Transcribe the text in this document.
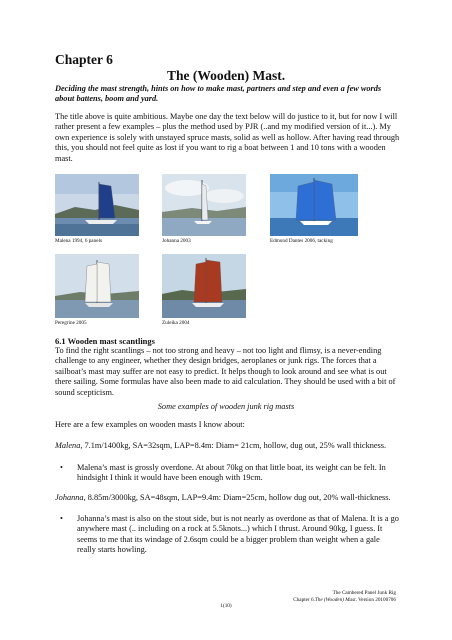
Chapter 6
The (Wooden) Mast.

Deciding the mast strength, hints on how to make mast, partners and step and even a few words about battens, boom and yard.

The title above is quite ambitious. Maybe one day the text below will do justice to it, but for now I will rather present a few examples – plus the method used by PJR (..and my modified version of it...). My own experience is solely with unstayed spruce masts, solid as well as hollow. After having read through this, you should not feel quite as lost if you want to rig a boat between 1 and 10 tons with a wooden mast.

Malena 1994, 6 panels	Johanna 2003	Edmond Dantes 2006, tacking
Peregrine 2005	Zuleika 2004
6.1 Wooden mast scantlings

To find the right scantlings – not too strong and heavy – not too light and flimsy, is a never-ending challenge to any engineer, whether they design bridges, aeroplanes or junk rigs. The forces that a sailboat’s mast may suffer are not easy to predict. It helps though to look around and see what is out there sailing. Some formulas have also been made to aid calculation. They should be used with a bit of sound scepticism.

Some examples of wooden junk rig masts

Here are a few examples on wooden masts I know about:

Malena, 7.1m/1400kg, SA=32sqm, LAP=8.4m: Diam= 21cm, hollow, dug out, 25% wall thickness.

• Malena’s mast is grossly overdone. At about 70kg on that little boat, its weight can be felt. In hindsight I think it would have been enough with 19cm.

Johanna, 8.85m/3000kg, SA=48sqm, LAP=9.4m: Diam=25cm, hollow dug out, 20% wall-thickness.

• Johanna’s mast is also on the stout side, but is not nearly as overdone as that of Malena. It is a go anywhere mast (.. including on a rock at 5.5knots...) which I thrust. Around 90kg, I guess. It seems to me that its windage of 2.6sqm could be a bigger problem than weight when a gale really starts howling.
The Cambered Panel Junk Rig
Chapter 6.The (Wooden) Mast. Version 20100706
1(10)
